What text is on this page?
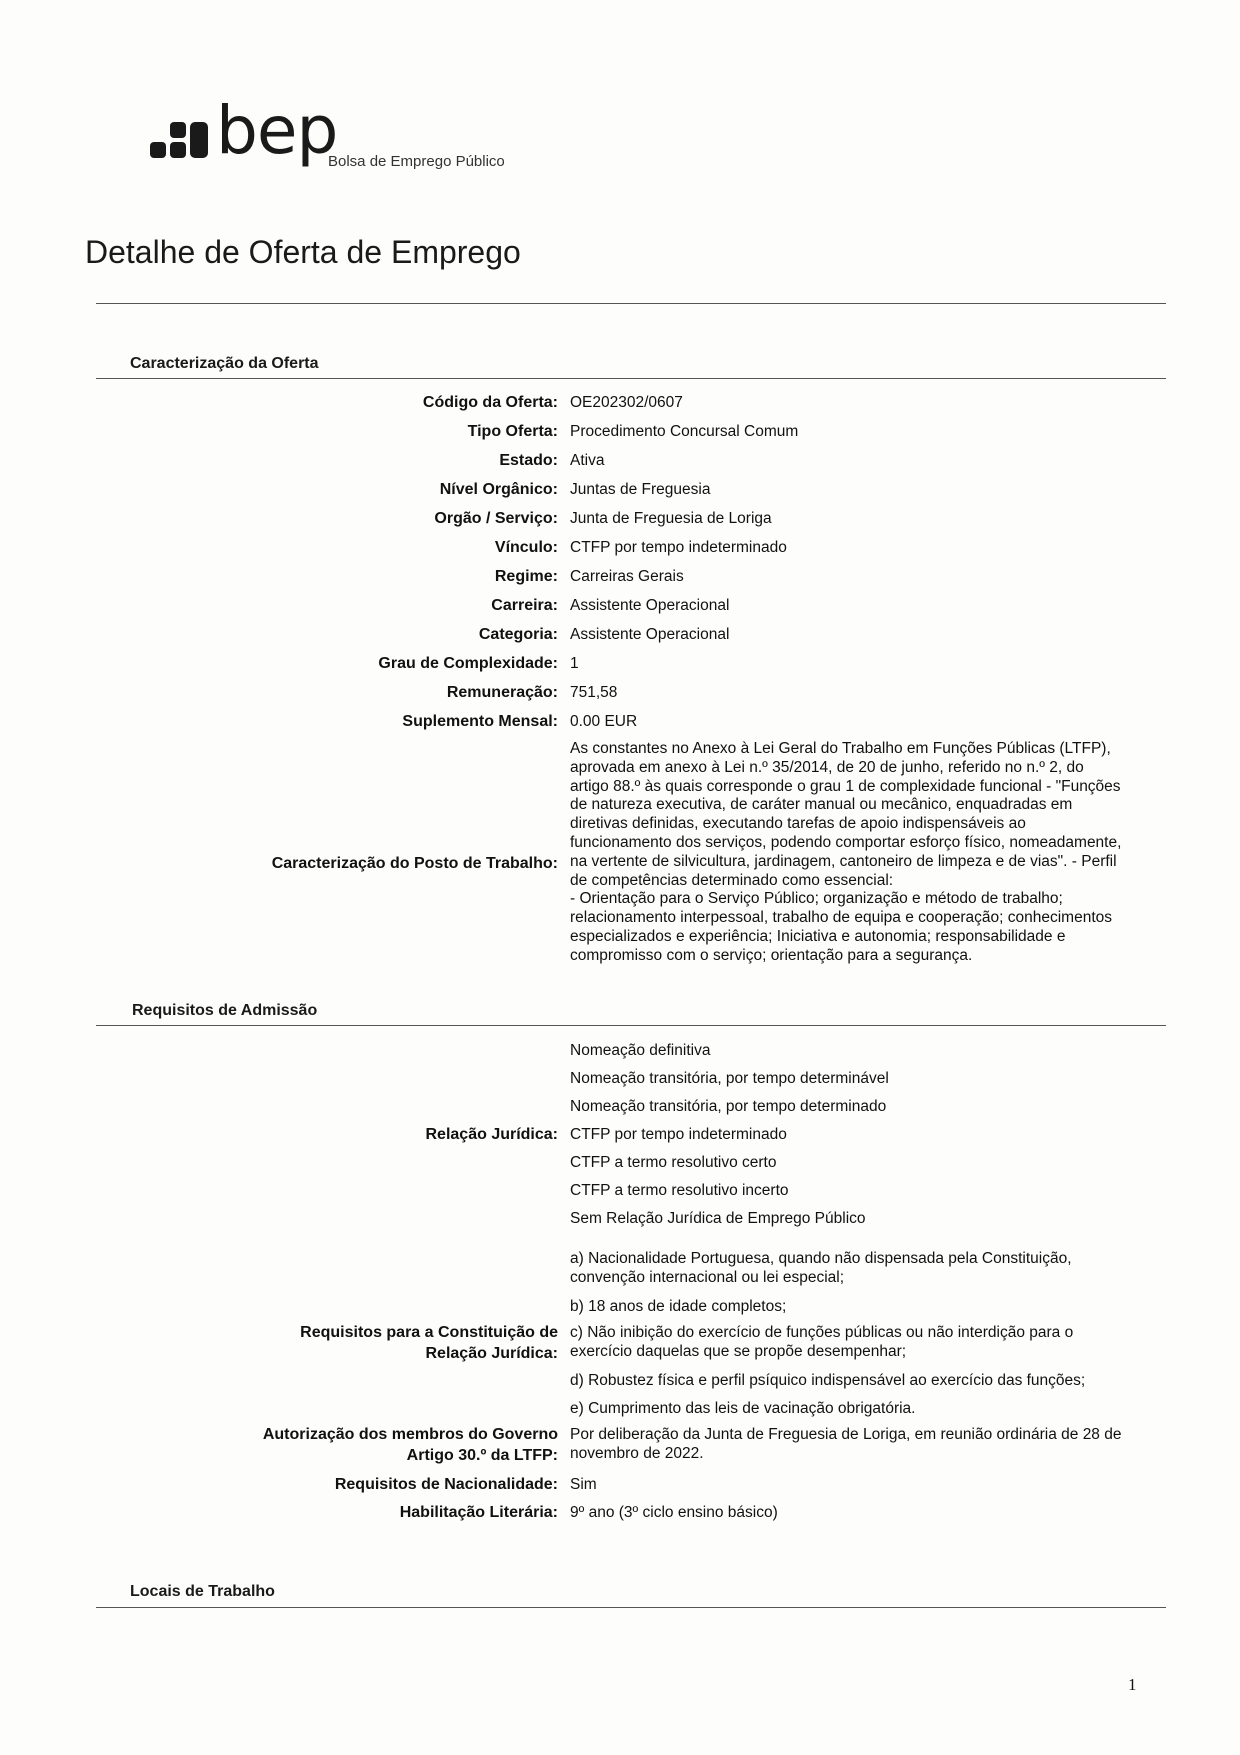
bep
Bolsa de Emprego Público
Detalhe de Oferta de Emprego
Caracterização da Oferta
Código da Oferta: OE202302/0607
Tipo Oferta: Procedimento Concursal Comum
Estado: Ativa
Nível Orgânico: Juntas de Freguesia
Orgão / Serviço: Junta de Freguesia de Loriga
Vínculo: CTFP por tempo indeterminado
Regime: Carreiras Gerais
Carreira: Assistente Operacional
Categoria: Assistente Operacional
Grau de Complexidade: 1
Remuneração: 751,58
Suplemento Mensal: 0.00 EUR
Caracterização do Posto de Trabalho:
As constantes no Anexo à Lei Geral do Trabalho em Funções Públicas (LTFP),
aprovada em anexo à Lei n.º 35/2014, de 20 de junho, referido no n.º 2, do
artigo 88.º às quais corresponde o grau 1 de complexidade funcional - "Funções
de natureza executiva, de caráter manual ou mecânico, enquadradas em
diretivas definidas, executando tarefas de apoio indispensáveis ao
funcionamento dos serviços, podendo comportar esforço físico, nomeadamente,
na vertente de silvicultura, jardinagem, cantoneiro de limpeza e de vias". - Perfil
de competências determinado como essencial:
- Orientação para o Serviço Público; organização e método de trabalho;
relacionamento interpessoal, trabalho de equipa e cooperação; conhecimentos
especializados e experiência; Iniciativa e autonomia; responsabilidade e
compromisso com o serviço; orientação para a segurança.
Requisitos de Admissão
Nomeação definitiva
Nomeação transitória, por tempo determinável
Nomeação transitória, por tempo determinado
Relação Jurídica: CTFP por tempo indeterminado
CTFP a termo resolutivo certo
CTFP a termo resolutivo incerto
Sem Relação Jurídica de Emprego Público
a) Nacionalidade Portuguesa, quando não dispensada pela Constituição,
convenção internacional ou lei especial;
b) 18 anos de idade completos;
Requisitos para a Constituição de
Relação Jurídica:
c) Não inibição do exercício de funções públicas ou não interdição para o
exercício daquelas que se propõe desempenhar;
d) Robustez física e perfil psíquico indispensável ao exercício das funções;
e) Cumprimento das leis de vacinação obrigatória.
Autorização dos membros do Governo
Artigo 30.º da LTFP:
Por deliberação da Junta de Freguesia de Loriga, em reunião ordinária de 28 de
novembro de 2022.
Requisitos de Nacionalidade: Sim
Habilitação Literária: 9º ano (3º ciclo ensino básico)
Locais de Trabalho
1
